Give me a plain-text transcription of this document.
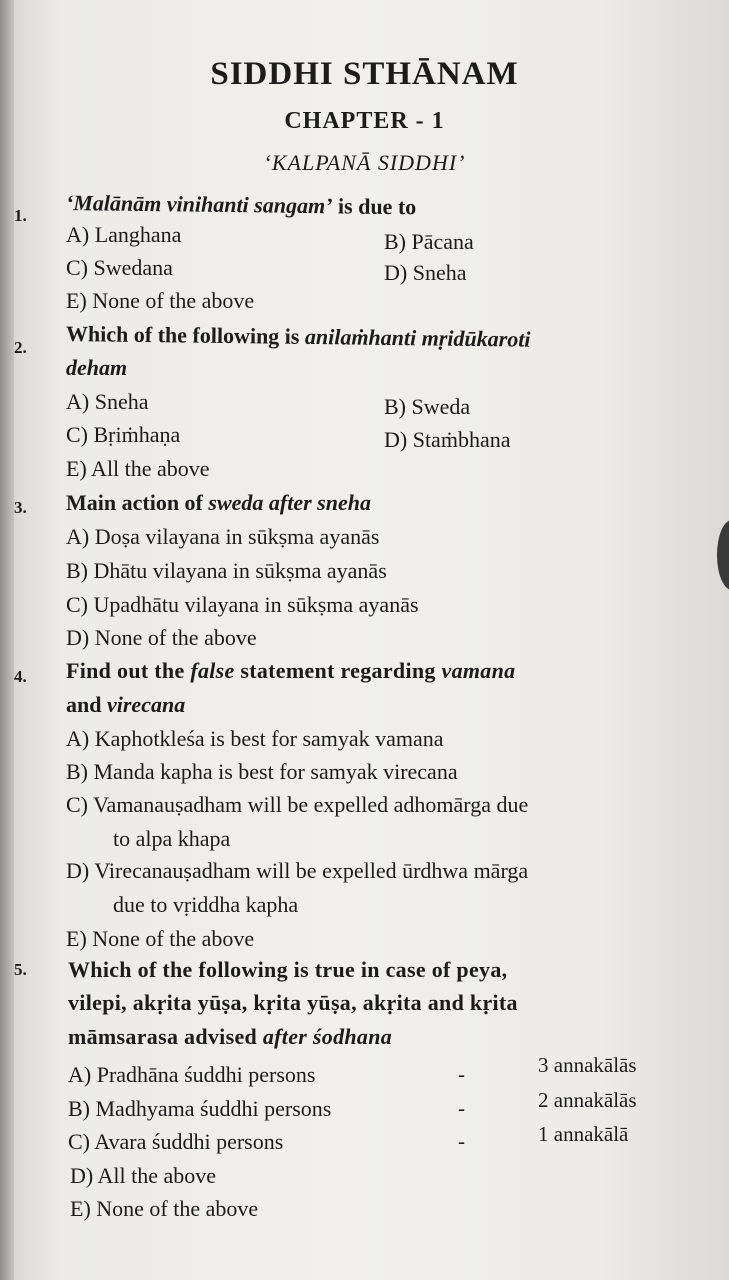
SIDDHI STHĀNAM
CHAPTER - 1
‘KALPANĀ SIDDHI’
1. ‘Malānām vinihanti sangam’ is due to
A) Langhana	B) Pācana
C) Swedana	D) Sneha
E) None of the above
2. Which of the following is anilaṁhanti mṛidūkaroti
deham
A) Sneha	B) Sweda
C) Bṛiṁhaṇa	D) Staṁbhana
E) All the above
3. Main action of sweda after sneha
A) Doṣa vilayana in sūkṣma ayanās
B) Dhātu vilayana in sūkṣma ayanās
C) Upadhātu vilayana in sūkṣma ayanās
D) None of the above
4. Find out the false statement regarding vamana
and virecana
A) Kaphotkleśa is best for samyak vamana
B) Manda kapha is best for samyak virecana
C) Vamanauṣadham will be expelled adhomārga due
to alpa khapa
D) Virecanauṣadham will be expelled ūrdhwa mārga
due to vṛiddha kapha
E) None of the above
5. Which of the following is true in case of peya,
vilepi, akṛita yūṣa, kṛita yūṣa, akṛita and kṛita
māmsarasa advised after śodhana
A) Pradhāna śuddhi persons	-	3 annakālās
B) Madhyama śuddhi persons	-	2 annakālās
C) Avara śuddhi persons	-	1 annakālā
D) All the above
E) None of the above
